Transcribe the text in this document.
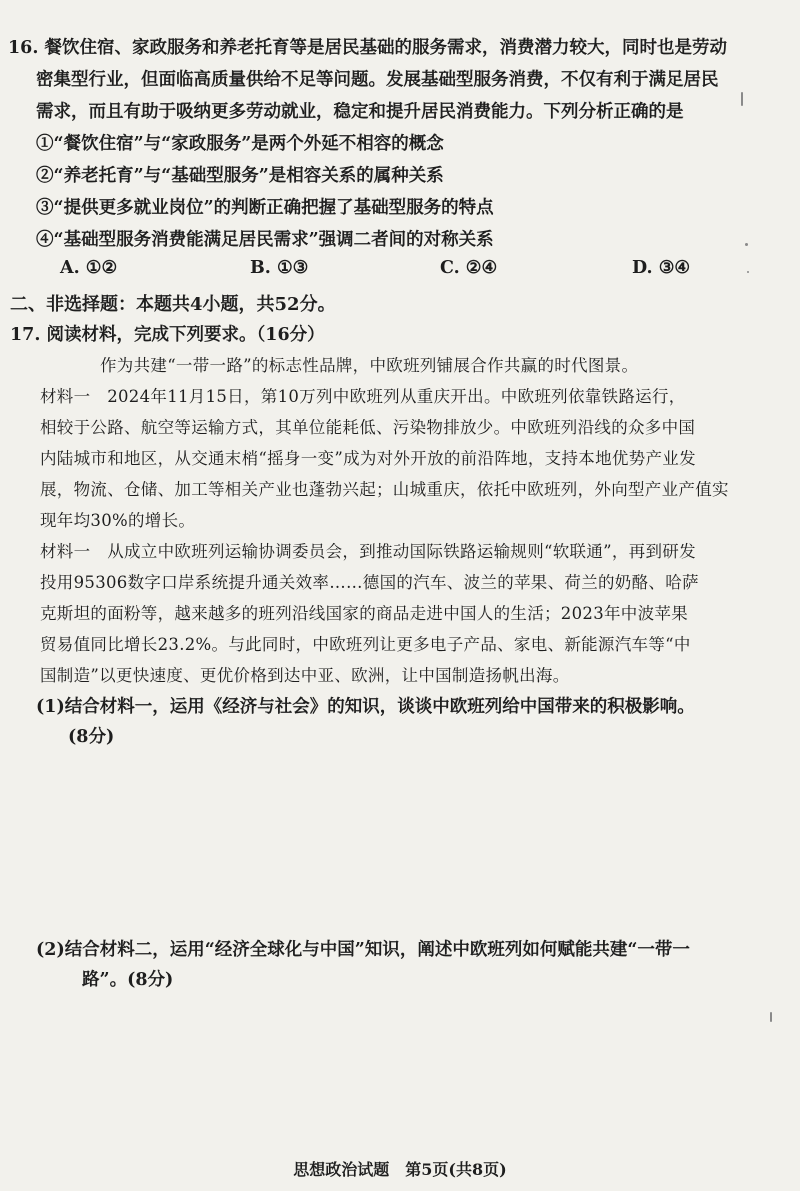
16. 餐饮住宿、家政服务和养老托育等是居民基础的服务需求，消费潜力较大，同时也是劳动
密集型行业，但面临高质量供给不足等问题。发展基础型服务消费，不仅有利于满足居民
需求，而且有助于吸纳更多劳动就业，稳定和提升居民消费能力。下列分析正确的是
①“餐饮住宿”与“家政服务”是两个外延不相容的概念
②“养老托育”与“基础型服务”是相容关系的属种关系
③“提供更多就业岗位”的判断正确把握了基础型服务的特点
④“基础型服务消费能满足居民需求”强调二者间的对称关系
A. ①②	B. ①③	C. ②④	D. ③④
二、非选择题：本题共4小题，共52分。
17. 阅读材料，完成下列要求。（16分）
作为共建“一带一路”的标志性品牌，中欧班列铺展合作共赢的时代图景。
材料一　2024年11月15日，第10万列中欧班列从重庆开出。中欧班列依靠铁路运行，
相较于公路、航空等运输方式，其单位能耗低、污染物排放少。中欧班列沿线的众多中国
内陆城市和地区，从交通末梢“摇身一变”成为对外开放的前沿阵地，支持本地优势产业发
展，物流、仓储、加工等相关产业也蓬勃兴起；山城重庆，依托中欧班列，外向型产业产值实
现年均30%的增长。
材料一　从成立中欧班列运输协调委员会，到推动国际铁路运输规则“软联通”，再到研发
投用95306数字口岸系统提升通关效率……德国的汽车、波兰的苹果、荷兰的奶酪、哈萨
克斯坦的面粉等，越来越多的班列沿线国家的商品走进中国人的生活；2023年中波苹果
贸易值同比增长23.2%。与此同时，中欧班列让更多电子产品、家电、新能源汽车等“中
国制造”以更快速度、更优价格到达中亚、欧洲，让中国制造扬帆出海。
(1)结合材料一，运用《经济与社会》的知识，谈谈中欧班列给中国带来的积极影响。
(8分)
(2)结合材料二，运用“经济全球化与中国”知识，阐述中欧班列如何赋能共建“一带一
路”。(8分)
思想政治试题　第5页(共8页)
